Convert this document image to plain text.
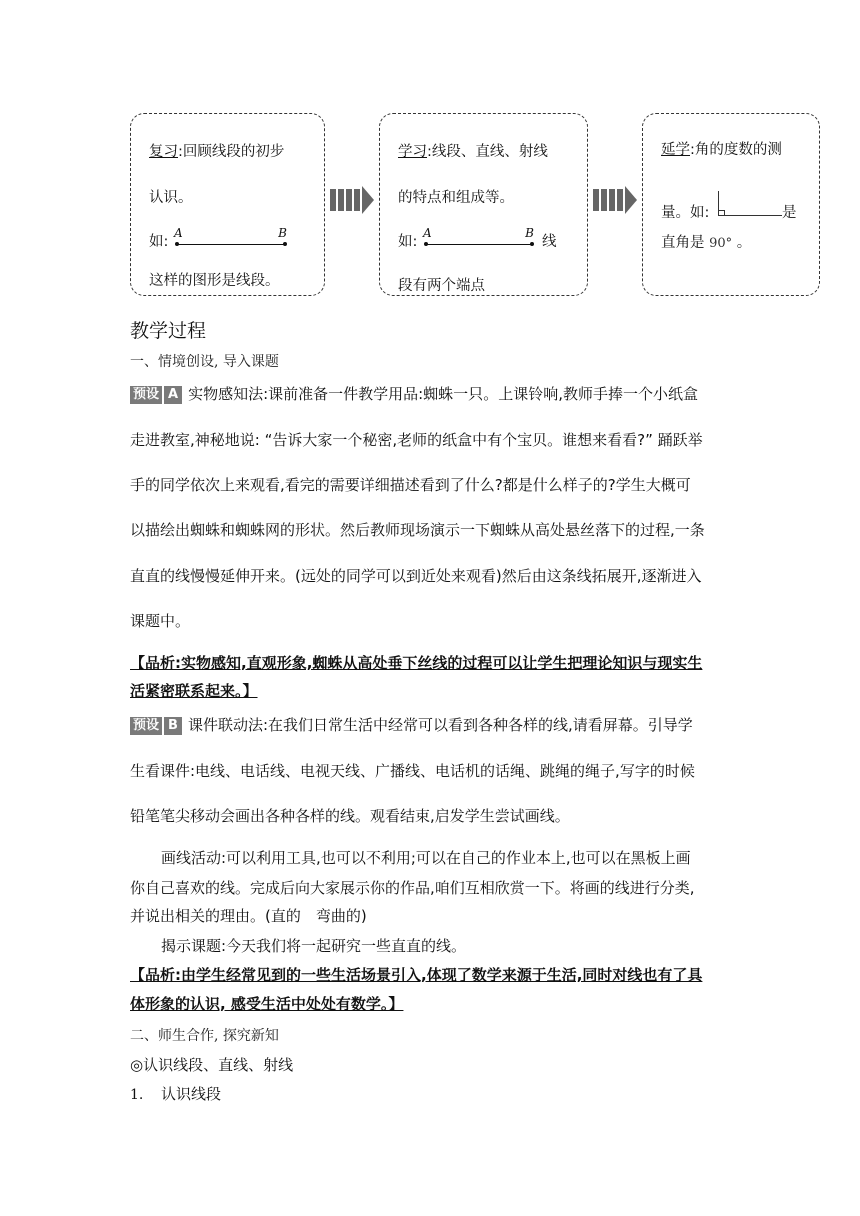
复习:回顾线段的初步
认识。
如:
A	B
这样的图形是线段。
学习:线段、直线、射线
的特点和组成等。
如:
A	B
线
段有两个端点
延学:角的度数的测
量。如:	是
直角是 90° 。
教学过程
一、情境创设, 导入课题
预设 A 实物感知法:课前准备一件教学用品:蜘蛛一只。上课铃响,教师手捧一个小纸盒
走进教室,神秘地说: “告诉大家一个秘密,老师的纸盒中有个宝贝。谁想来看看?” 踊跃举
手的同学依次上来观看,看完的需要详细描述看到了什么?都是什么样子的?学生大概可
以描绘出蜘蛛和蜘蛛网的形状。然后教师现场演示一下蜘蛛从高处悬丝落下的过程,一条
直直的线慢慢延伸开来。(远处的同学可以到近处来观看)然后由这条线拓展开,逐渐进入
课题中。
【品析:实物感知,直观形象,蜘蛛从高处垂下丝线的过程可以让学生把理论知识与现实生
活紧密联系起来。】
预设 B 课件联动法:在我们日常生活中经常可以看到各种各样的线,请看屏幕。引导学
生看课件:电线、电话线、电视天线、广播线、电话机的话绳、跳绳的绳子,写字的时候
铅笔笔尖移动会画出各种各样的线。观看结束,启发学生尝试画线。
画线活动:可以利用工具,也可以不利用;可以在自己的作业本上,也可以在黑板上画
你自己喜欢的线。完成后向大家展示你的作品,咱们互相欣赏一下。将画的线进行分类,
并说出相关的理由。(直的　弯曲的)
揭示课题:今天我们将一起研究一些直直的线。
【品析:由学生经常见到的一些生活场景引入,体现了数学来源于生活,同时对线也有了具
体形象的认识, 感受生活中处处有数学。】
二、师生合作, 探究新知
◎认识线段、直线、射线
1. 认识线段
